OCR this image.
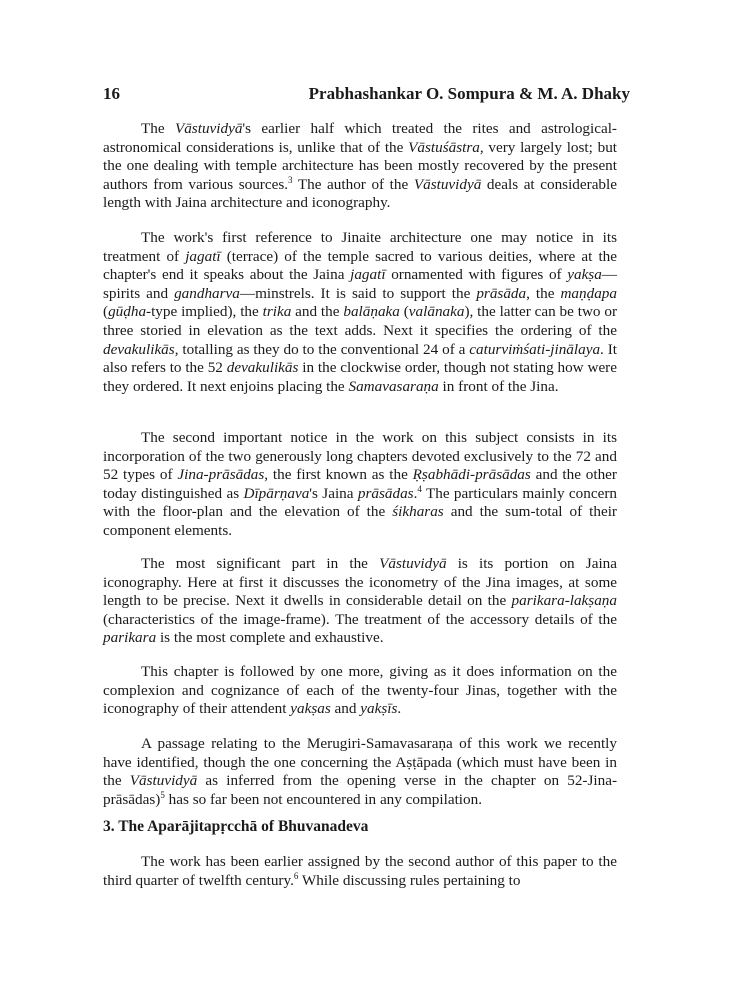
16	Prabhashankar O. Sompura & M. A. Dhaky

The Vāstuvidyā's earlier half which treated the rites and astrological-astronomical considerations is, unlike that of the Vāstuśāstra, very largely lost; but the one dealing with temple architecture has been mostly recovered by the present authors from various sources.$^3$ The author of the Vāstuvidyā deals at considerable length with Jaina architecture and iconography.

The work's first reference to Jinaite architecture one may notice in its treatment of jagatī (terrace) of the temple sacred to various deities, where at the chapter's end it speaks about the Jaina jagatī ornamented with figures of yakṣa—spirits and gandharva—minstrels. It is said to support the prāsāda, the maṇḍapa (gūḍha-type implied), the trika and the balāṇaka (valānaka), the latter can be two or three storied in elevation as the text adds. Next it specifies the ordering of the devakulikās, totalling as they do to the conventional 24 of a caturviṁśati-jinālaya. It also refers to the 52 devakulikās in the clockwise order, though not stating how were they ordered. It next enjoins placing the Samavasaraṇa in front of the Jina.

The second important notice in the work on this subject consists in its incorporation of the two generously long chapters devoted exclusively to the 72 and 52 types of Jina-prāsādas, the first known as the Ṛṣabhādi-prāsādas and the other today distinguished as Dīpārṇava's Jaina prāsādas.$^4$ The particulars mainly concern with the floor-plan and the elevation of the śikharas and the sum-total of their component elements.

The most significant part in the Vāstuvidyā is its portion on Jaina iconography. Here at first it discusses the iconometry of the Jina images, at some length to be precise. Next it dwells in considerable detail on the parikara-lakṣaṇa (characteristics of the image-frame). The treatment of the accessory details of the parikara is the most complete and exhaustive.

This chapter is followed by one more, giving as it does information on the complexion and cognizance of each of the twenty-four Jinas, together with the iconography of their attendent yakṣas and yakṣīs.

A passage relating to the Merugiri-Samavasaraṇa of this work we recently have identified, though the one concerning the Aṣṭāpada (which must have been in the Vāstuvidyā as inferred from the opening verse in the chapter on 52-Jina-prāsādas)$^5$ has so far been not encountered in any compilation.

3. The Aparājitapṛcchā of Bhuvanadeva

The work has been earlier assigned by the second author of this paper to the third quarter of twelfth century.$^6$ While discussing rules pertaining to
